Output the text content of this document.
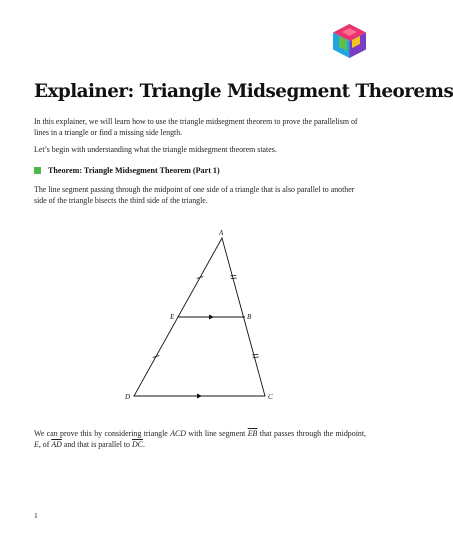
Explainer: Triangle Midsegment Theorems

In this explainer, we will learn how to use the triangle midsegment theorem to prove the parallelism of lines in a triangle or find a missing side length.

Let’s begin with understanding what the triangle midsegment theorem states.

Theorem: Triangle Midsegment Theorem (Part 1)

The line segment passing through the midpoint of one side of a triangle that is also parallel to another side of the triangle bisects the third side of the triangle.

A
E	B
D	C

We can prove this by considering triangle ACD with line segment $\overline{EB}$ that passes through the midpoint, E, of $\overline{AD}$ and that is parallel to $\overline{DC}$.

1
